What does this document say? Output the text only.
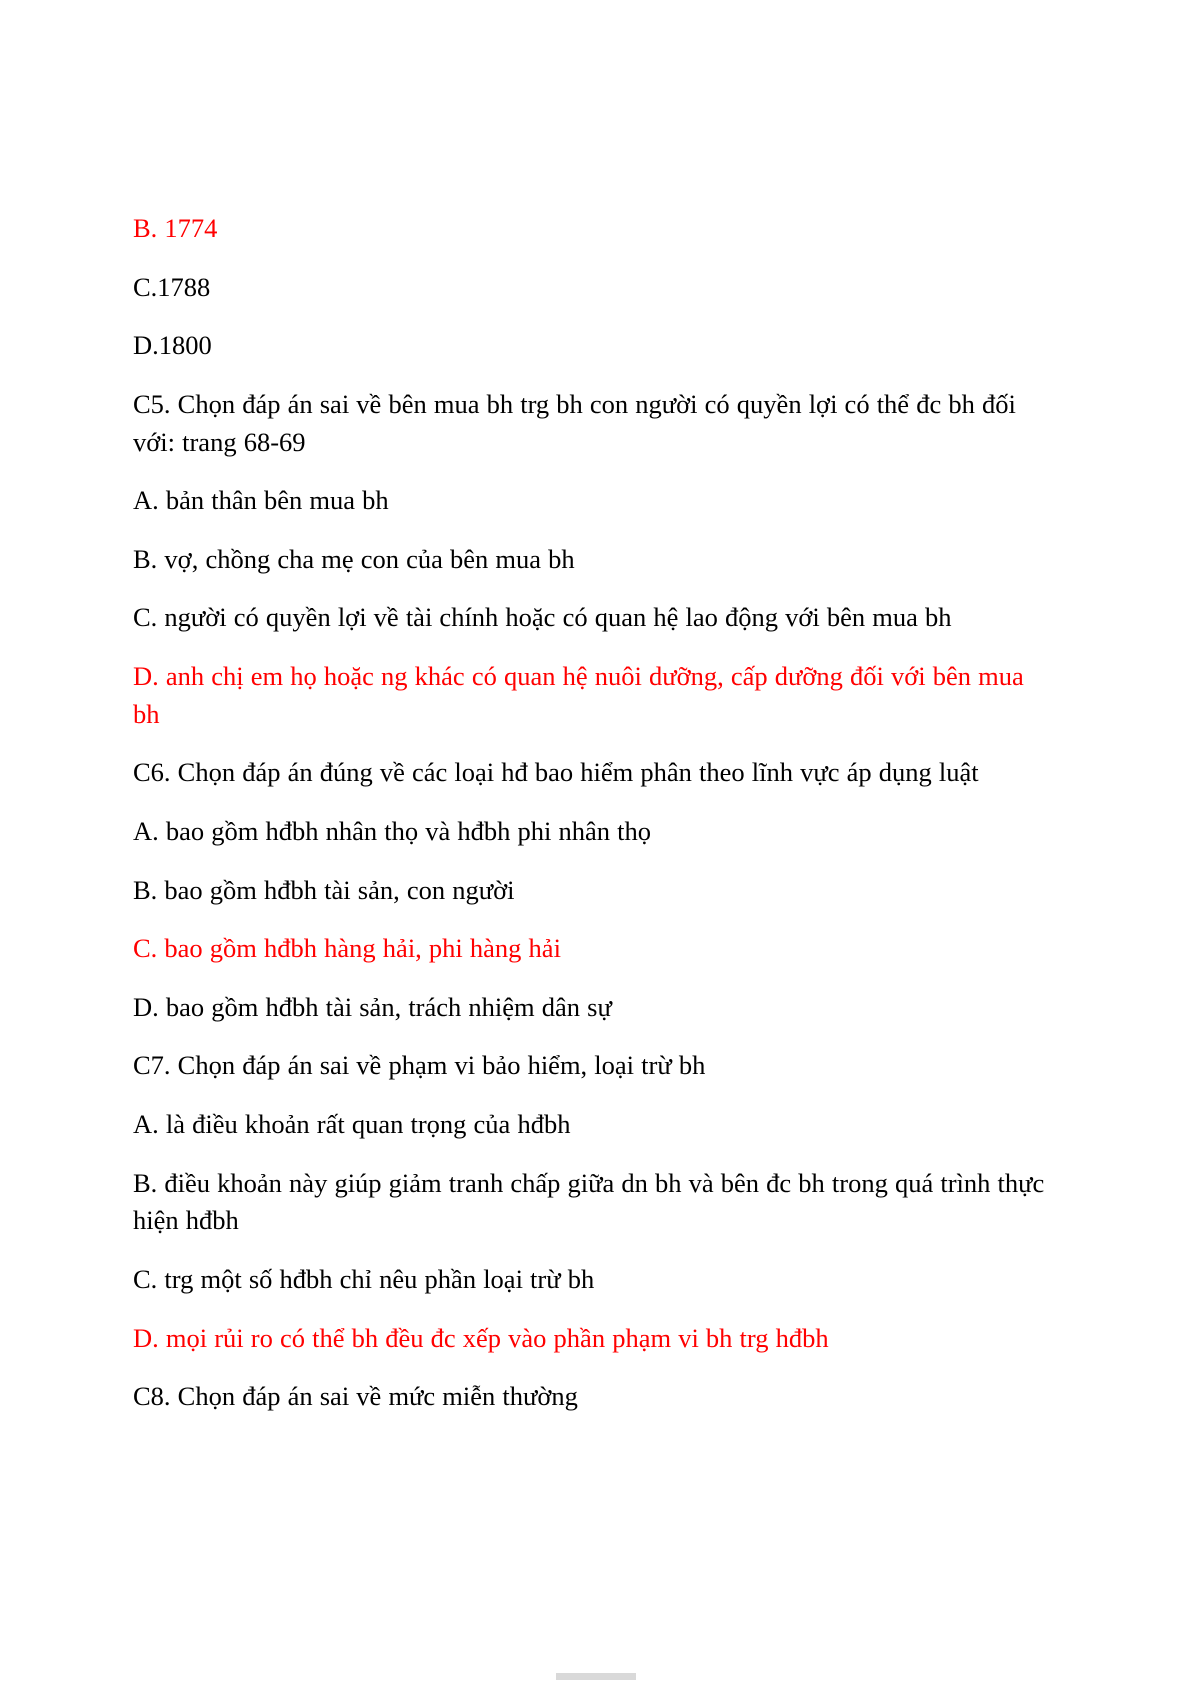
B. 1774

C.1788

D.1800

C5. Chọn đáp án sai về bên mua bh trg bh con người có quyền lợi có thể đc bh đối với: trang 68-69

A. bản thân bên mua bh

B. vợ, chồng cha mẹ con của bên mua bh

C. người có quyền lợi về tài chính hoặc có quan hệ lao động với bên mua bh

D. anh chị em họ hoặc ng khác có quan hệ nuôi dưỡng, cấp dưỡng đối với bên mua bh

C6. Chọn đáp án đúng về các loại hđ bao hiểm phân theo lĩnh vực áp dụng luật

A. bao gồm hđbh nhân thọ và hđbh phi nhân thọ

B. bao gồm hđbh tài sản, con người

C. bao gồm hđbh hàng hải, phi hàng hải

D. bao gồm hđbh tài sản, trách nhiệm dân sự

C7. Chọn đáp án sai về phạm vi bảo hiểm, loại trừ bh

A. là điều khoản rất quan trọng của hđbh

B. điều khoản này giúp giảm tranh chấp giữa dn bh và bên đc bh trong quá trình thực hiện hđbh

C. trg một số hđbh chỉ nêu phần loại trừ bh

D. mọi rủi ro có thể bh đều đc xếp vào phần phạm vi bh trg hđbh

C8. Chọn đáp án sai về mức miễn thường
